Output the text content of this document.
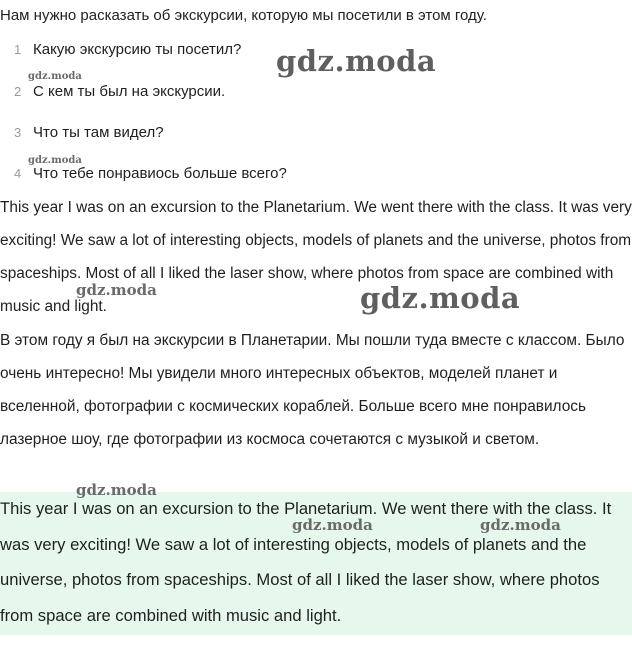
Нам нужно расказать об экскурсии, которую мы посетили в этом году.
1 Какую экскурсию ты посетил?
2 С кем ты был на экскурсии.
3 Что ты там видел?
4 Что тебе понравиось больше всего?

This year I was on an excursion to the Planetarium. We went there with the class. It was very exciting! We saw a lot of interesting objects, models of planets and the universe, photos from spaceships. Most of all I liked the laser show, where photos from space are combined with music and light.

В этом году я был на экскурсии в Планетарии. Мы пошли туда вместе с классом. Было очень интересно! Мы увидели много интересных объектов, моделей планет и вселенной, фотографии с космических кораблей. Больше всего мне понравилось лазерное шоу, где фотографии из космоса сочетаются с музыкой и светом.

This year I was on an excursion to the Planetarium. We went there with the class. It was very exciting! We saw a lot of interesting objects, models of planets and the universe, photos from spaceships. Most of all I liked the laser show, where photos from space are combined with music and light.

gdz.moda
gdz.moda
gdz.moda
gdz.moda	gdz.moda
gdz.moda
gdz.moda	gdz.moda
